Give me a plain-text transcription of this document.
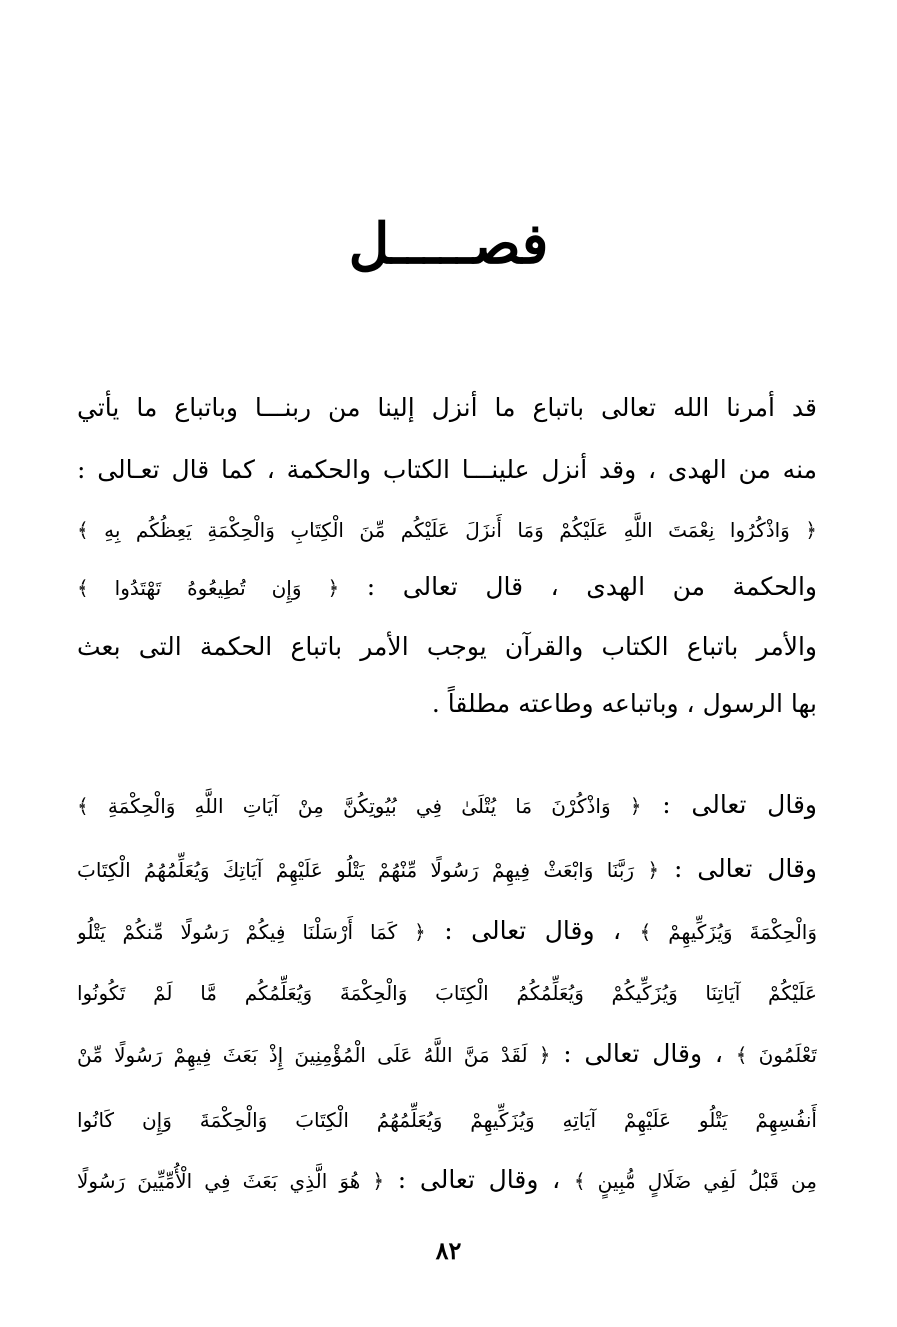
فصـــــل
قد أمرنا الله تعالى باتباع ما أنزل إلينا من ربنـــا وباتباع ما يأتي
منه من الهدى ، وقد أنزل علينـــا الكتاب والحكمة ، كما قال تعـالى :
﴿ وَاذْكُرُوا نِعْمَتَ اللَّهِ عَلَيْكُمْ وَمَا أَنزَلَ عَلَيْكُم مِّنَ الْكِتَابِ وَالْحِكْمَةِ يَعِظُكُم بِهِ ﴾
والحكمة من الهدى ، قال تعالى : ﴿ وَإِن تُطِيعُوهُ تَهْتَدُوا ﴾
والأمر باتباع الكتاب والقرآن يوجب الأمر باتباع الحكمة التى بعث
بها الرسول ، وباتباعه وطاعته مطلقاً .
وقال تعالى : ﴿ وَاذْكُرْنَ مَا يُتْلَىٰ فِي بُيُوتِكُنَّ مِنْ آيَاتِ اللَّهِ وَالْحِكْمَةِ ﴾
وقال تعالى : ﴿ رَبَّنَا وَابْعَثْ فِيهِمْ رَسُولًا مِّنْهُمْ يَتْلُو عَلَيْهِمْ آيَاتِكَ وَيُعَلِّمُهُمُ الْكِتَابَ
وَالْحِكْمَةَ وَيُزَكِّيهِمْ ﴾ ، وقال تعالى : ﴿ كَمَا أَرْسَلْنَا فِيكُمْ رَسُولًا مِّنكُمْ يَتْلُو
عَلَيْكُمْ آيَاتِنَا وَيُزَكِّيكُمْ وَيُعَلِّمُكُمُ الْكِتَابَ وَالْحِكْمَةَ وَيُعَلِّمُكُم مَّا لَمْ تَكُونُوا
تَعْلَمُونَ ﴾ ، وقال تعالى : ﴿ لَقَدْ مَنَّ اللَّهُ عَلَى الْمُؤْمِنِينَ إِذْ بَعَثَ فِيهِمْ رَسُولًا مِّنْ
أَنفُسِهِمْ يَتْلُو عَلَيْهِمْ آيَاتِهِ وَيُزَكِّيهِمْ وَيُعَلِّمُهُمُ الْكِتَابَ وَالْحِكْمَةَ وَإِن كَانُوا
مِن قَبْلُ لَفِي ضَلَالٍ مُّبِينٍ ﴾ ، وقال تعالى : ﴿ هُوَ الَّذِي بَعَثَ فِي الْأُمِّيِّينَ رَسُولًا
٨٢
